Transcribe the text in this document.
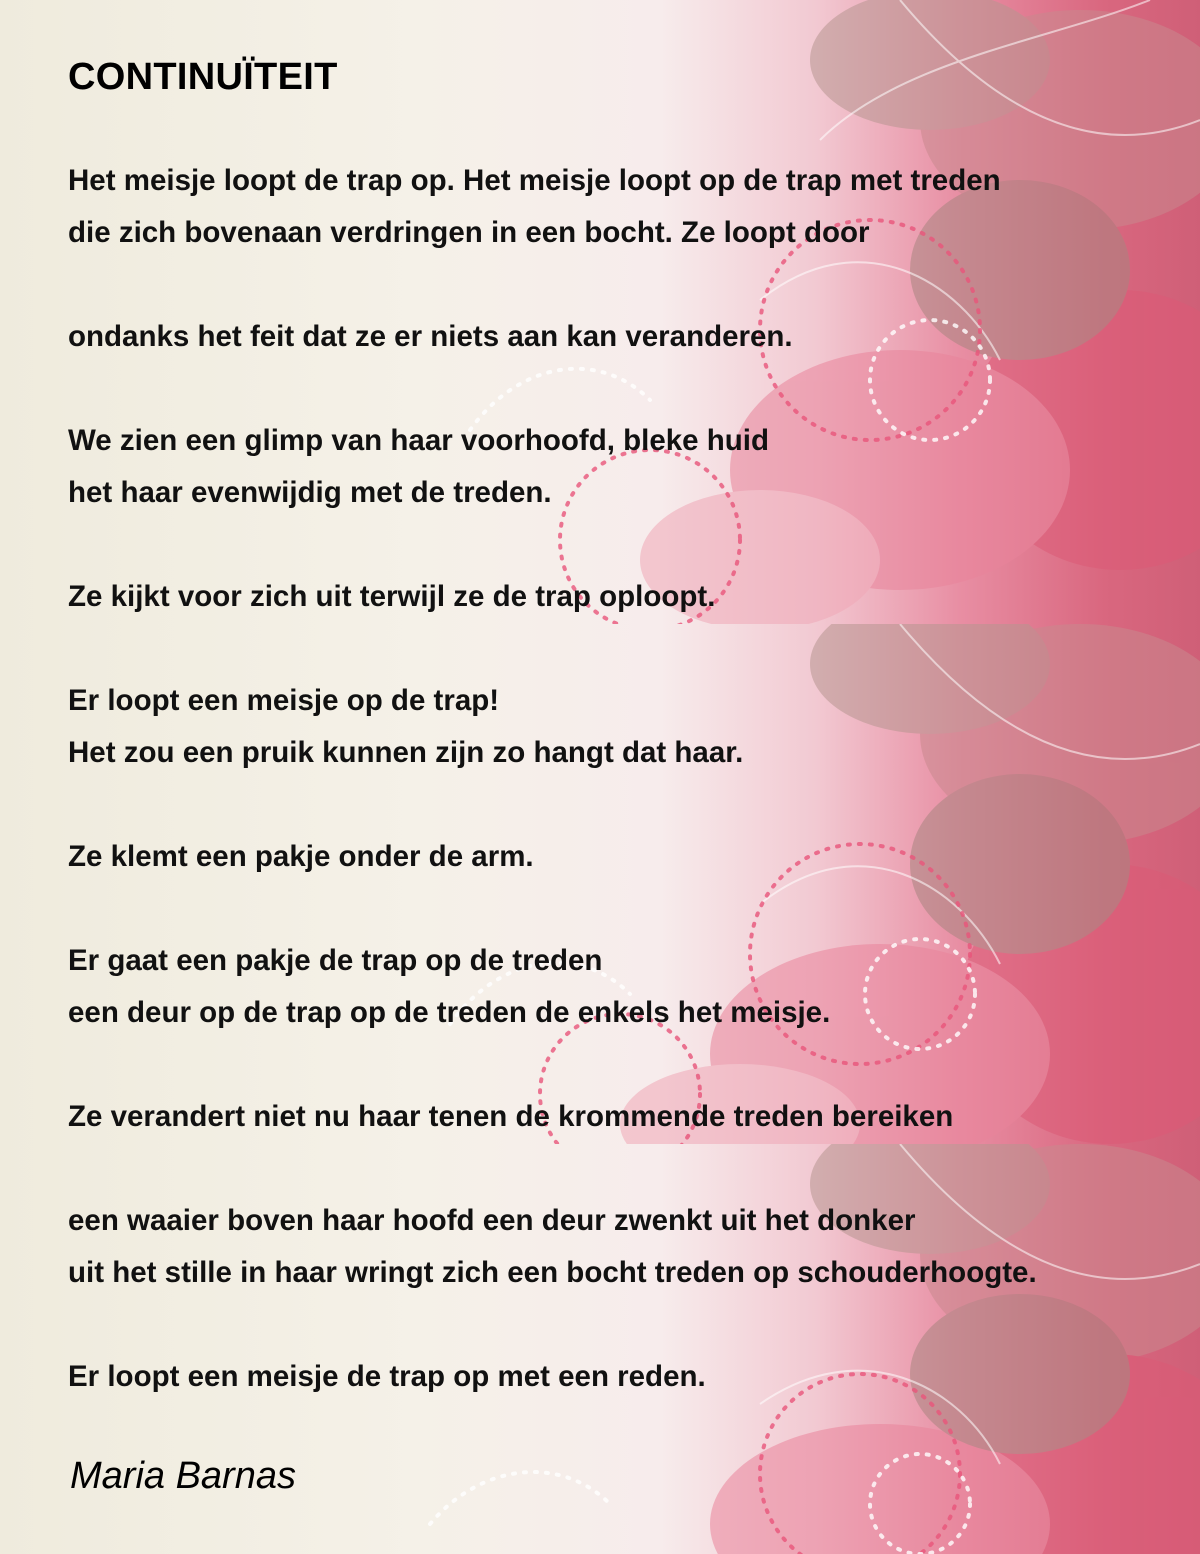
CONTINUÏTEIT
Het meisje loopt de trap op. Het meisje loopt op de trap met treden
die zich bovenaan verdringen in een bocht. Ze loopt door
ondanks het feit dat ze er niets aan kan veranderen.
We zien een glimp van haar voorhoofd, bleke huid
het haar evenwijdig met de treden.
Ze kijkt voor zich uit terwijl ze de trap oploopt.
Er loopt een meisje op de trap!
Het zou een pruik kunnen zijn zo hangt dat haar.
Ze klemt een pakje onder de arm.
Er gaat een pakje de trap op de treden
een deur op de trap op de treden de enkels het meisje.
Ze verandert niet nu haar tenen de krommende treden bereiken
een waaier boven haar hoofd een deur zwenkt uit het donker
uit het stille in haar wringt zich een bocht treden op schouderhoogte.
Er loopt een meisje de trap op met een reden.

Maria Barnas
